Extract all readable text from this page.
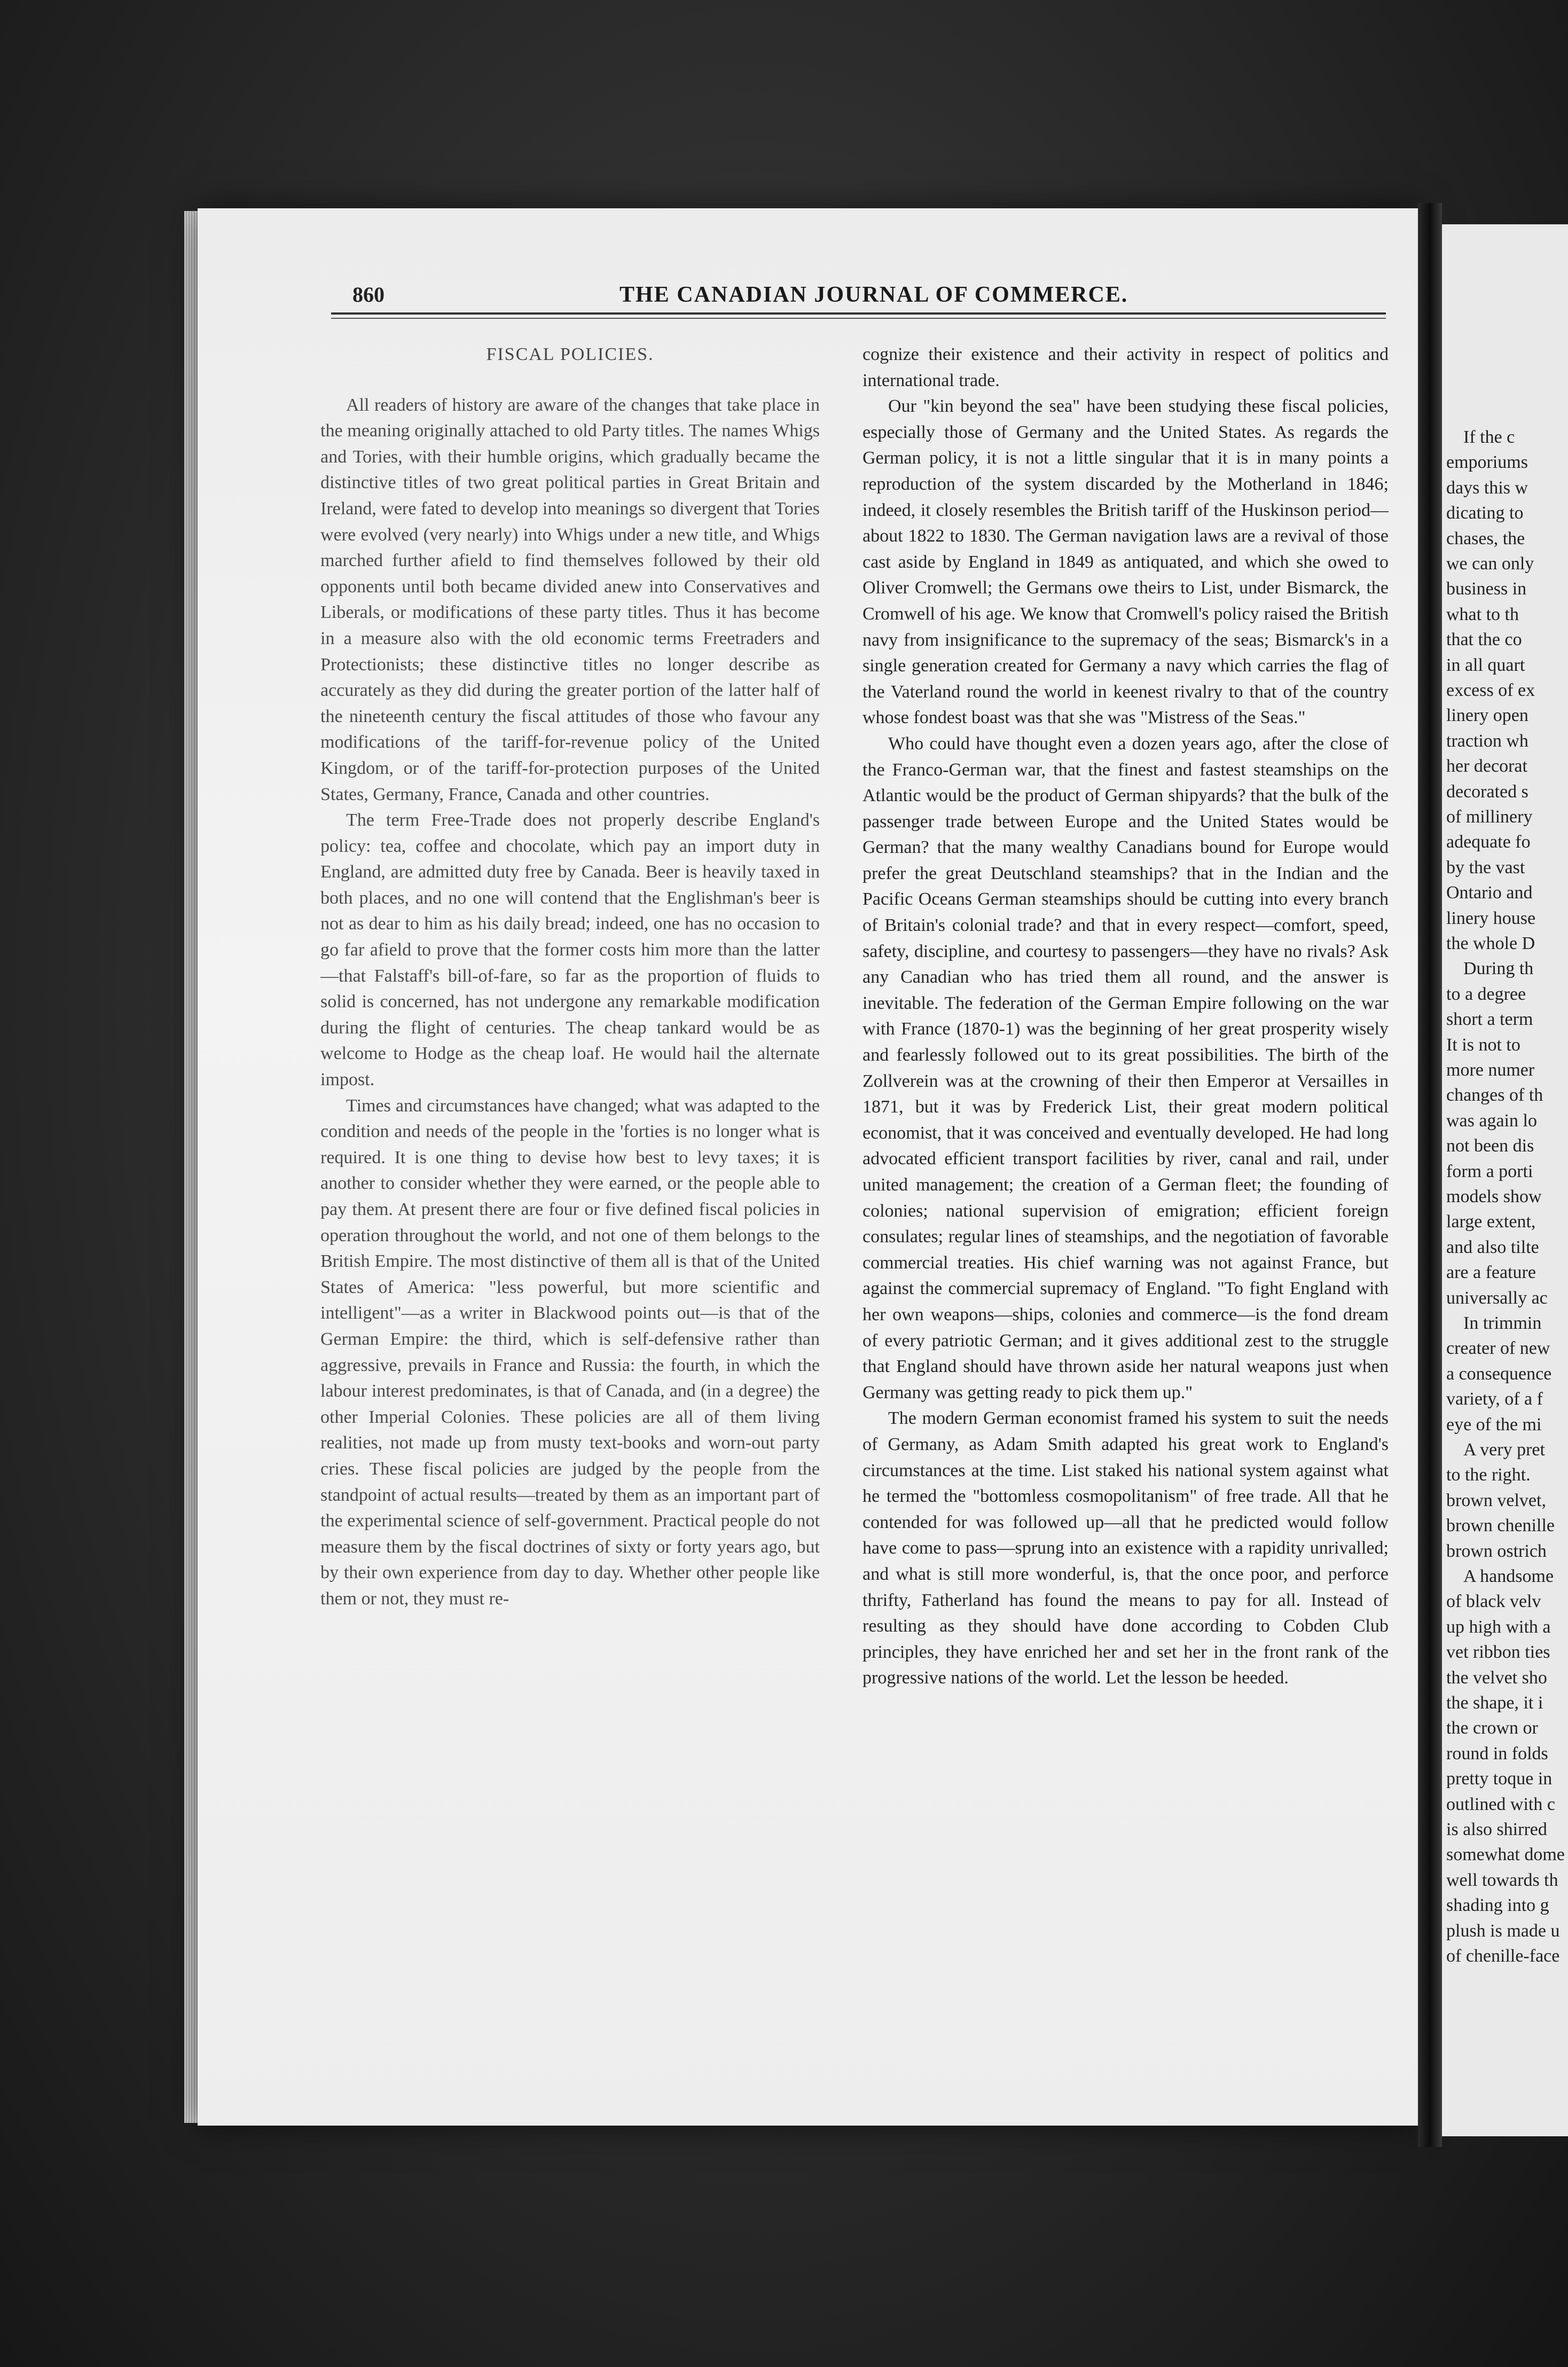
If the c
emporiums
days this w
dicating to
chases, the
we can only
business in
what to th
that the co
in all quart
excess of ex
linery open
traction wh
her decorat
decorated s
of millinery
adequate fo
by the vast
Ontario and
linery house
the whole D
During th
to a degree
short a term
It is not to
more numer
changes of th
was again lo
not been dis
form a porti
models show
large extent,
and also tilte
are a feature
universally ac
In trimmin
creater of new
a consequence
variety, of a f
eye of the mi
A very pret
to the right.
brown velvet,
brown chenille
brown ostrich
A handsome
of black velv
up high with a
vet ribbon ties
the velvet sho
the shape, it i
the crown or
round in folds
pretty toque in
outlined with c
is also shirred
somewhat dome
well towards th
shading into g
plush is made u
of chenille-face
860	THE CANADIAN JOURNAL OF COMMERCE.

FISCAL POLICIES.

All readers of history are aware of the changes that take place in the meaning originally attached to old Party titles. The names Whigs and Tories, with their humble origins, which gradually became the distinctive titles of two great political parties in Great Britain and Ireland, were fated to develop into meanings so divergent that Tories were evolved (very nearly) into Whigs under a new title, and Whigs marched further afield to find themselves followed by their old opponents until both became divided anew into Conservatives and Liberals, or modifications of these party titles. Thus it has become in a measure also with the old economic terms Freetraders and Protectionists; these distinctive titles no longer describe as accurately as they did during the greater portion of the latter half of the nineteenth century the fiscal attitudes of those who favour any modifications of the tariff-for-revenue policy of the United Kingdom, or of the tariff-for-protection purposes of the United States, Germany, France, Canada and other countries.

The term Free-Trade does not properly describe England's policy: tea, coffee and chocolate, which pay an import duty in England, are admitted duty free by Canada. Beer is heavily taxed in both places, and no one will contend that the Englishman's beer is not as dear to him as his daily bread; indeed, one has no occasion to go far afield to prove that the former costs him more than the latter—that Falstaff's bill-of-fare, so far as the proportion of fluids to solid is concerned, has not undergone any remarkable modification during the flight of centuries. The cheap tankard would be as welcome to Hodge as the cheap loaf. He would hail the alternate impost.

Times and circumstances have changed; what was adapted to the condition and needs of the people in the 'forties is no longer what is required. It is one thing to devise how best to levy taxes; it is another to consider whether they were earned, or the people able to pay them. At present there are four or five defined fiscal policies in operation throughout the world, and not one of them belongs to the British Empire. The most distinctive of them all is that of the United States of America: "less powerful, but more scientific and intelligent"—as a writer in Blackwood points out—is that of the German Empire: the third, which is self-defensive rather than aggressive, prevails in France and Russia: the fourth, in which the labour interest predominates, is that of Canada, and (in a degree) the other Imperial Colonies. These policies are all of them living realities, not made up from musty text-books and worn-out party cries. These fiscal policies are judged by the people from the standpoint of actual results—treated by them as an important part of the experimental science of self-government. Practical people do not measure them by the fiscal doctrines of sixty or forty years ago, but by their own experience from day to day. Whether other people like them or not, they must re-

cognize their existence and their activity in respect of politics and international trade.

Our "kin beyond the sea" have been studying these fiscal policies, especially those of Germany and the United States. As regards the German policy, it is not a little singular that it is in many points a reproduction of the system discarded by the Motherland in 1846; indeed, it closely resembles the British tariff of the Huskinson period—about 1822 to 1830. The German navigation laws are a revival of those cast aside by England in 1849 as antiquated, and which she owed to Oliver Cromwell; the Germans owe theirs to List, under Bismarck, the Cromwell of his age. We know that Cromwell's policy raised the British navy from insignificance to the supremacy of the seas; Bismarck's in a single generation created for Germany a navy which carries the flag of the Vaterland round the world in keenest rivalry to that of the country whose fondest boast was that she was "Mistress of the Seas."

Who could have thought even a dozen years ago, after the close of the Franco-German war, that the finest and fastest steamships on the Atlantic would be the product of German shipyards? that the bulk of the passenger trade between Europe and the United States would be German? that the many wealthy Canadians bound for Europe would prefer the great Deutschland steamships? that in the Indian and the Pacific Oceans German steamships should be cutting into every branch of Britain's colonial trade? and that in every respect—comfort, speed, safety, discipline, and courtesy to passengers—they have no rivals? Ask any Canadian who has tried them all round, and the answer is inevitable. The federation of the German Empire following on the war with France (1870-1) was the beginning of her great prosperity wisely and fearlessly followed out to its great possibilities. The birth of the Zollverein was at the crowning of their then Emperor at Versailles in 1871, but it was by Frederick List, their great modern political economist, that it was conceived and eventually developed. He had long advocated efficient transport facilities by river, canal and rail, under united management; the creation of a German fleet; the founding of colonies; national supervision of emigration; efficient foreign consulates; regular lines of steamships, and the negotiation of favorable commercial treaties. His chief warning was not against France, but against the commercial supremacy of England. "To fight England with her own weapons—ships, colonies and commerce—is the fond dream of every patriotic German; and it gives additional zest to the struggle that England should have thrown aside her natural weapons just when Germany was getting ready to pick them up."

The modern German economist framed his system to suit the needs of Germany, as Adam Smith adapted his great work to England's circumstances at the time. List staked his national system against what he termed the "bottomless cosmopolitanism" of free trade. All that he contended for was followed up—all that he predicted would follow have come to pass—sprung into an existence with a rapidity unrivalled; and what is still more wonderful, is, that the once poor, and perforce thrifty, Fatherland has found the means to pay for all. Instead of resulting as they should have done according to Cobden Club principles, they have enriched her and set her in the front rank of the progressive nations of the world. Let the lesson be heeded.
